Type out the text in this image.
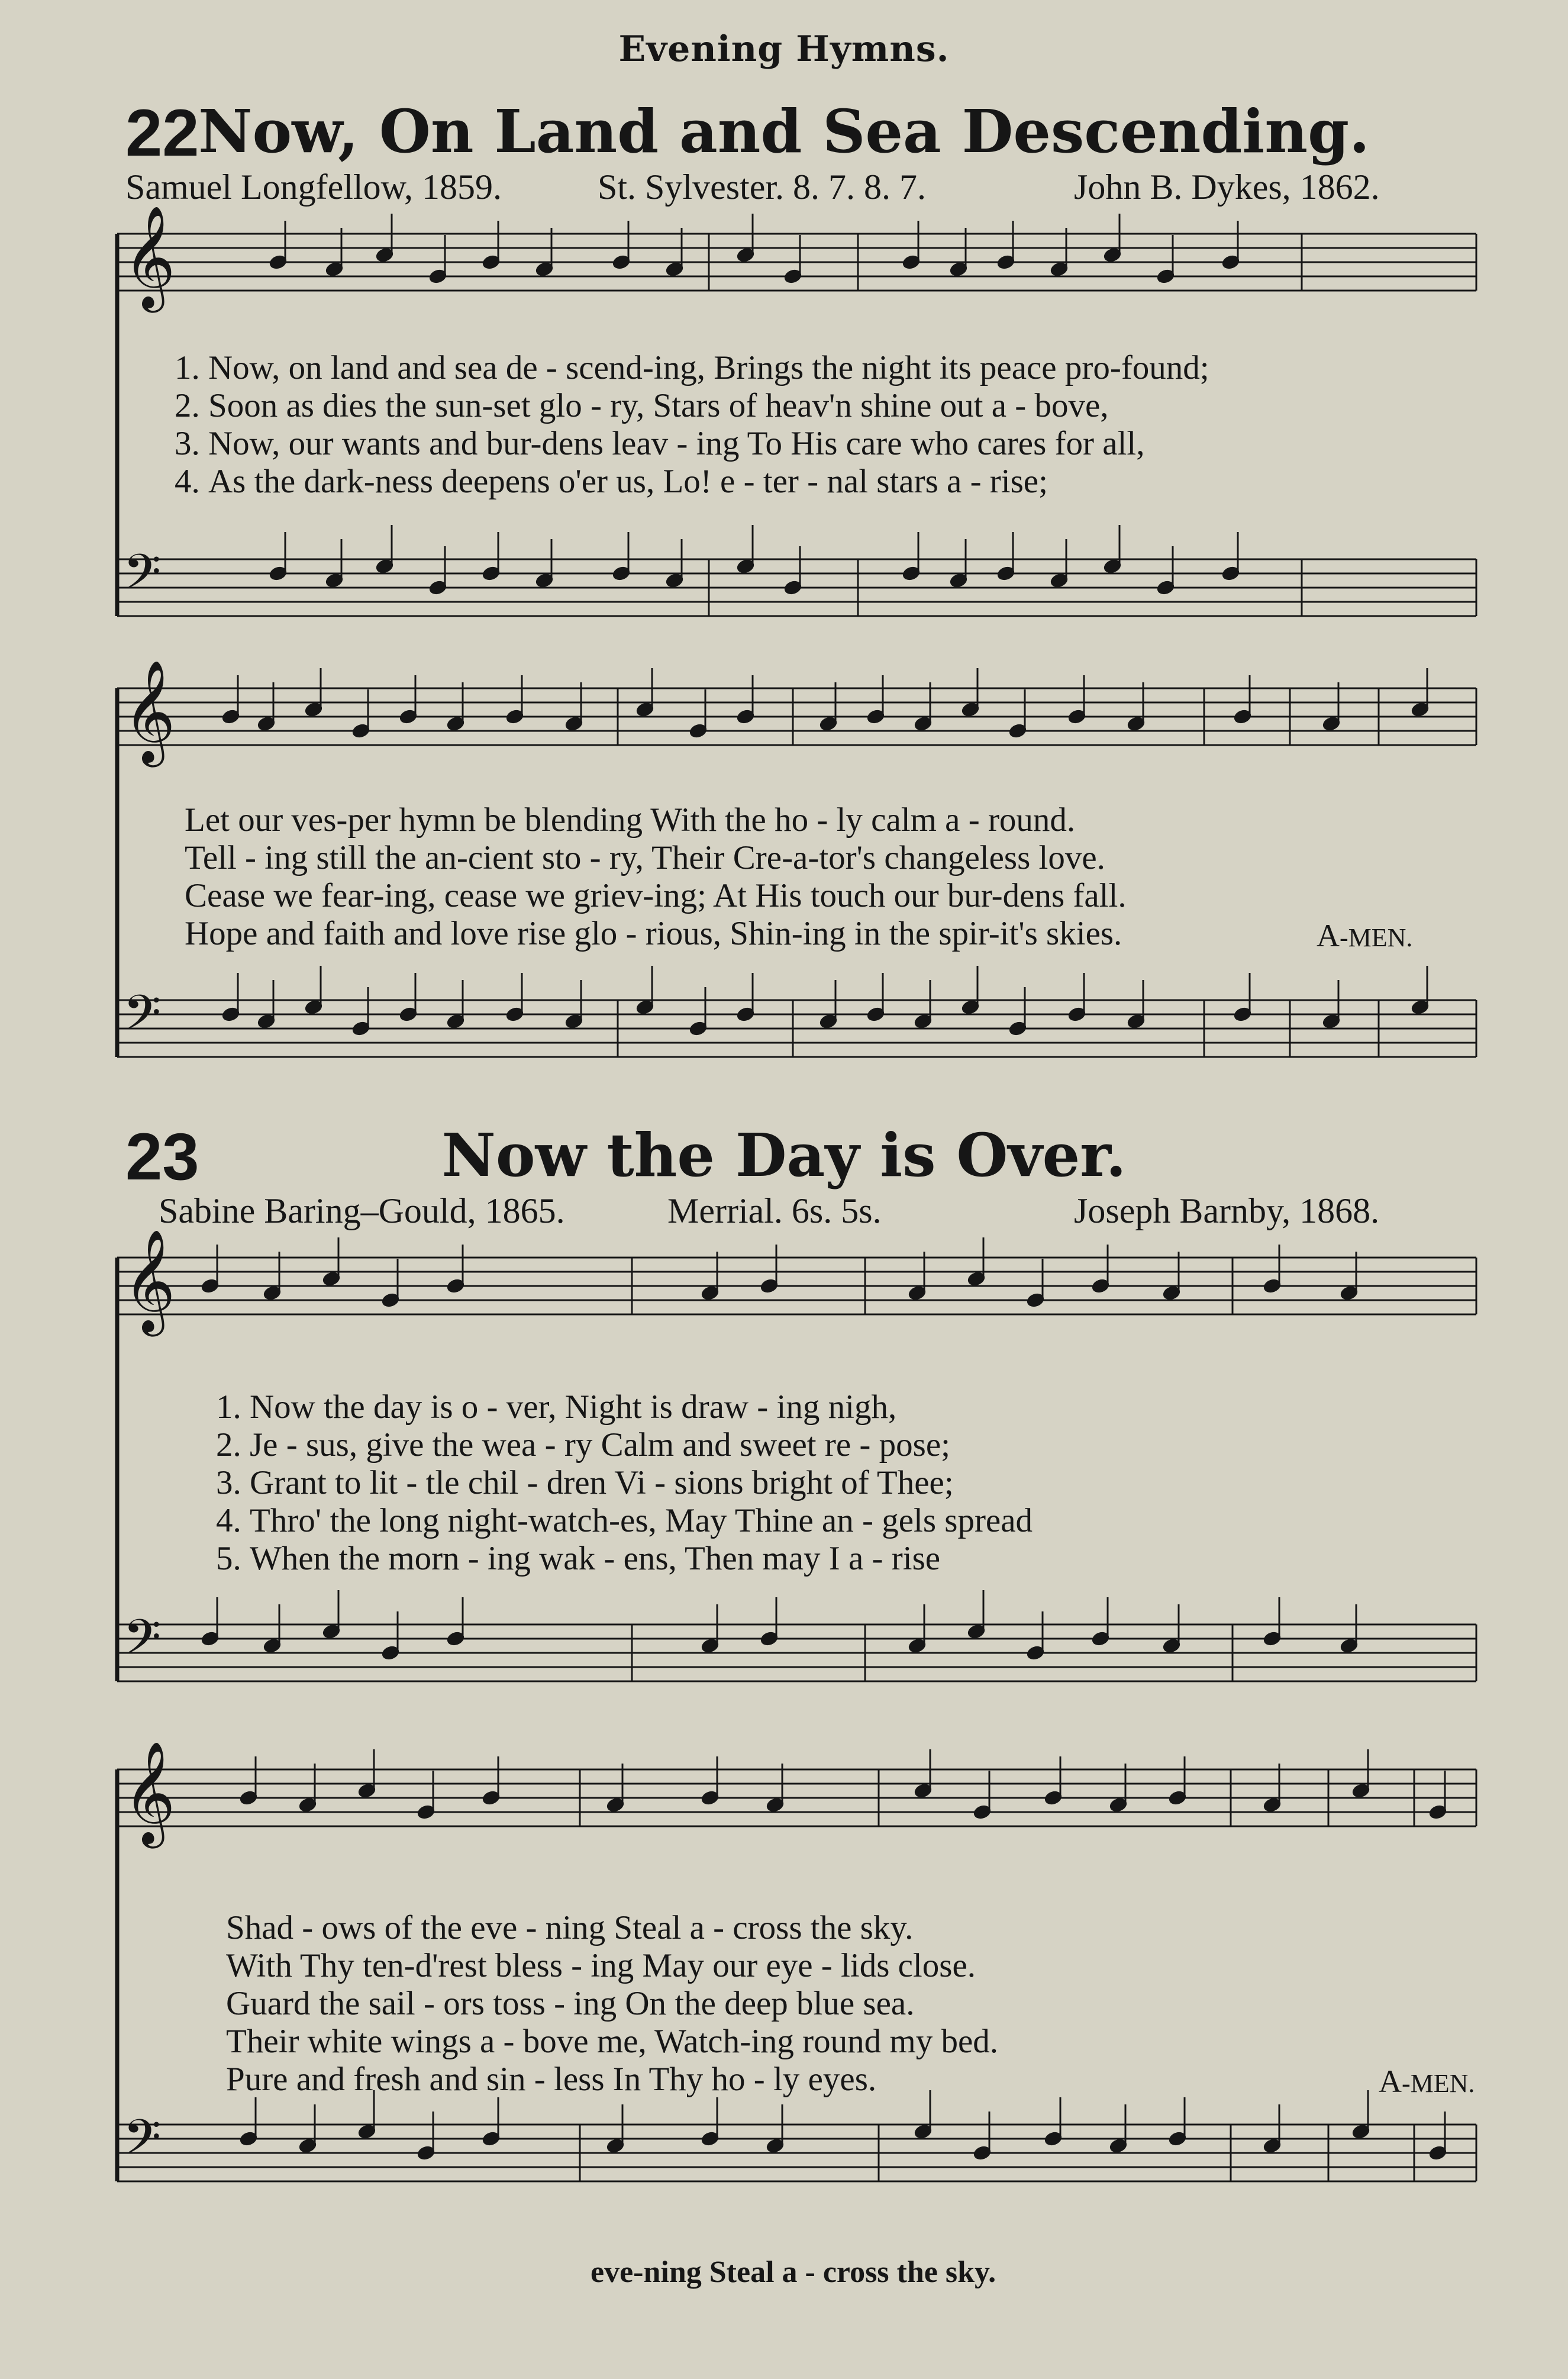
Evening Hymns.
22
Now, On Land and Sea Descending.
Samuel Longfellow, 1859.	St. Sylvester. 8. 7. 8. 7.	John B. Dykes, 1862.
1. Now, on land and sea de - scend-ing, Brings the night its peace pro-found;
2. Soon as dies the sun-set glo - ry, Stars of heav'n shine out a - bove,
3. Now, our wants and bur-dens leav - ing To His care who cares for all,
4. As the dark-ness deepens o'er us, Lo! e - ter - nal stars a - rise;
Let our ves-per hymn be blending With the ho - ly calm a - round.
Tell - ing still the an-cient sto - ry, Their Cre-a-tor's changeless love.
Cease we fear-ing, cease we griev-ing; At His touch our bur-dens fall.
Hope and faith and love rise glo - rious, Shin-ing in the spir-it's skies.	A-MEN.
23	Now the Day is Over.
Sabine Baring–Gould, 1865.	Merrial. 6s. 5s.	Joseph Barnby, 1868.
1. Now the day is o - ver, Night is draw - ing nigh,
2. Je - sus, give the wea - ry Calm and sweet re - pose;
3. Grant to lit - tle chil - dren Vi - sions bright of Thee;
4. Thro' the long night-watch-es, May Thine an - gels spread
5. When the morn - ing wak - ens, Then may I a - rise
Shad - ows of the eve - ning Steal a - cross the sky.
With Thy ten-d'rest bless - ing May our eye - lids close.
Guard the sail - ors toss - ing On the deep blue sea.
Their white wings a - bove me, Watch-ing round my bed.
Pure and fresh and sin - less In Thy ho - ly eyes.	A-MEN.
eve-ning Steal a - cross the sky.
𝄞
𝄢
𝄞
𝄢
𝄞
𝄢
𝄞
𝄢
